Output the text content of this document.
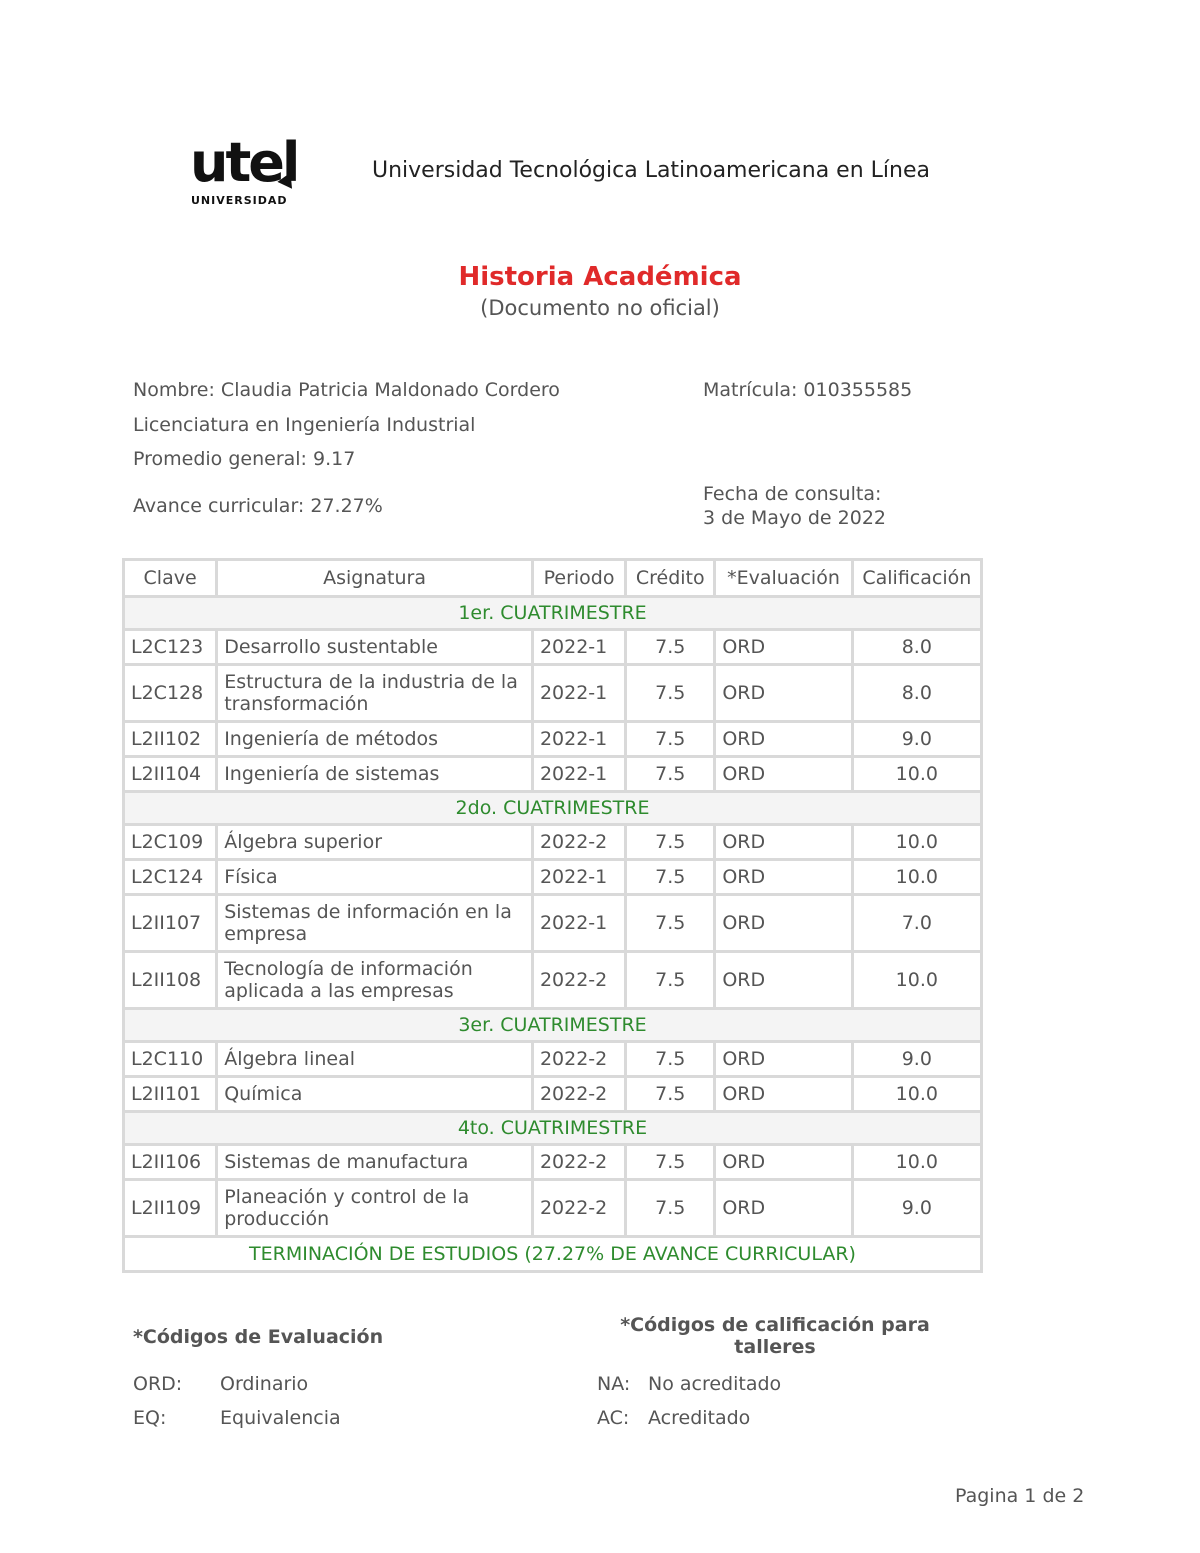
utel
UNIVERSIDAD
Universidad Tecnológica Latinoamericana en Línea
Historia Académica
(Documento no oficial)
Nombre: Claudia Patricia Maldonado Cordero	Matrícula: 010355585
Licenciatura en Ingeniería Industrial
Promedio general: 9.17
Avance curricular: 27.27%
Fecha de consulta:
3 de Mayo de 2022
Clave	Asignatura	Periodo	Crédito	*Evaluación	Calificación
1er. CUATRIMESTRE					
L2C123	Desarrollo sustentable	2022-1	7.5	ORD	8.0
L2C128	Estructura de la industria de la transformación	2022-1	7.5	ORD	8.0
L2II102	Ingeniería de métodos	2022-1	7.5	ORD	9.0
L2II104	Ingeniería de sistemas	2022-1	7.5	ORD	10.0
2do. CUATRIMESTRE					
L2C109	Álgebra superior	2022-2	7.5	ORD	10.0
L2C124	Física	2022-1	7.5	ORD	10.0
L2II107	Sistemas de información en la empresa	2022-1	7.5	ORD	7.0
L2II108	Tecnología de información aplicada a las empresas	2022-2	7.5	ORD	10.0
3er. CUATRIMESTRE					
L2C110	Álgebra lineal	2022-2	7.5	ORD	9.0
L2II101	Química	2022-2	7.5	ORD	10.0
4to. CUATRIMESTRE					
L2II106	Sistemas de manufactura	2022-2	7.5	ORD	10.0
L2II109	Planeación y control de la producción	2022-2	7.5	ORD	9.0
TERMINACIÓN DE ESTUDIOS (27.27% DE AVANCE CURRICULAR)					
*Códigos de Evaluación
*Códigos de calificación para
talleres
ORD: Ordinario
EQ:	Equivalencia
NA: No acreditado
AC: Acreditado
Pagina 1 de 2
